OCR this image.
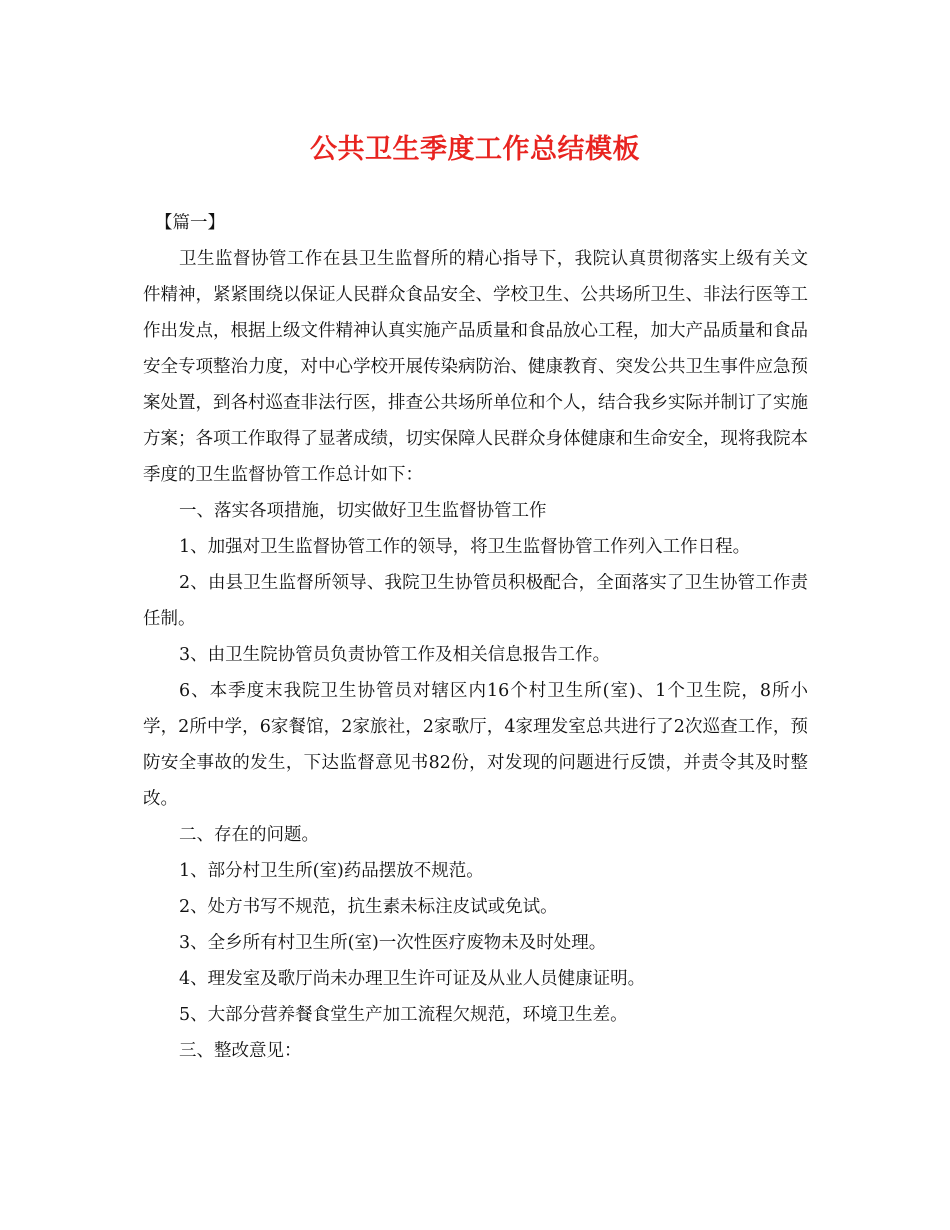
公共卫生季度工作总结模板

【篇一】

卫生监督协管工作在县卫生监督所的精心指导下，我院认真贯彻落实上级有关文件精神，紧紧围绕以保证人民群众食品安全、学校卫生、公共场所卫生、非法行医等工作出发点，根据上级文件精神认真实施产品质量和食品放心工程，加大产品质量和食品安全专项整治力度，对中心学校开展传染病防治、健康教育、突发公共卫生事件应急预案处置，到各村巡查非法行医，排查公共场所单位和个人，结合我乡实际并制订了实施方案；各项工作取得了显著成绩，切实保障人民群众身体健康和生命安全，现将我院本季度的卫生监督协管工作总计如下：

一、落实各项措施，切实做好卫生监督协管工作

1、加强对卫生监督协管工作的领导，将卫生监督协管工作列入工作日程。

2、由县卫生监督所领导、我院卫生协管员积极配合，全面落实了卫生协管工作责任制。

3、由卫生院协管员负责协管工作及相关信息报告工作。

6、本季度末我院卫生协管员对辖区内16个村卫生所(室)、1个卫生院，8所小学，2所中学，6家餐馆，2家旅社，2家歌厅，4家理发室总共进行了2次巡查工作，预防安全事故的发生，下达监督意见书82份，对发现的问题进行反馈，并责令其及时整改。

二、存在的问题。

1、部分村卫生所(室)药品摆放不规范。

2、处方书写不规范，抗生素未标注皮试或免试。

3、全乡所有村卫生所(室)一次性医疗废物未及时处理。

4、理发室及歌厅尚未办理卫生许可证及从业人员健康证明。

5、大部分营养餐食堂生产加工流程欠规范，环境卫生差。

三、整改意见：
